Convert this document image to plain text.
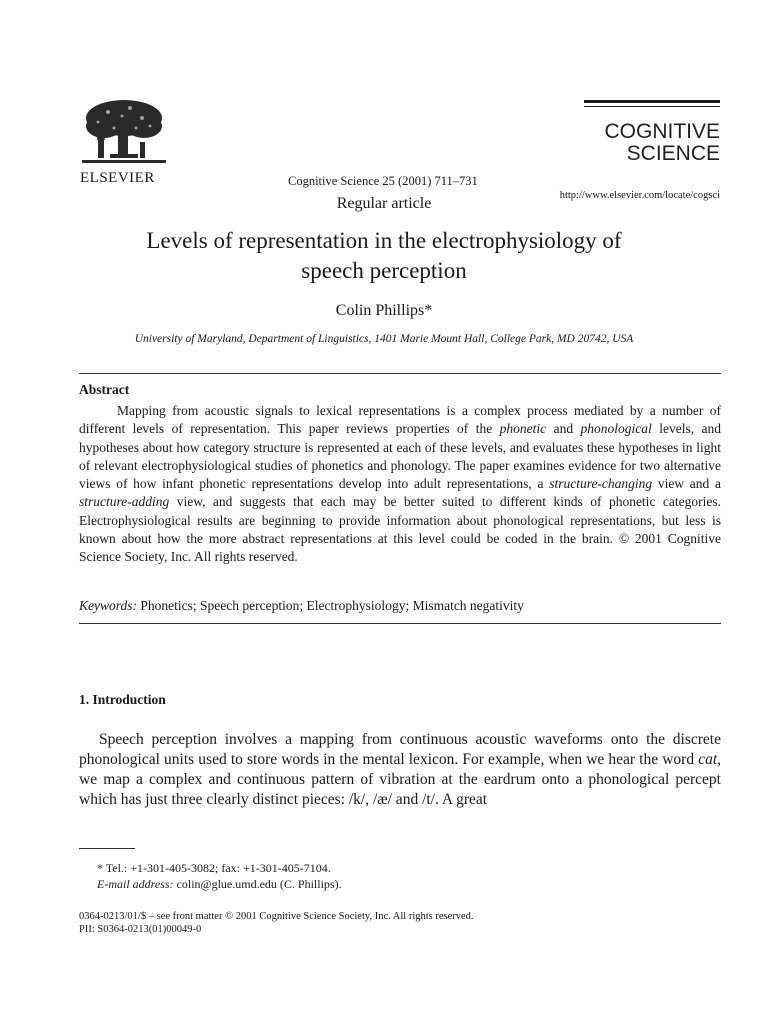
ELSEVIER	Cognitive Science 25 (2001) 711–731
Regular article
COGNITIVE
SCIENCE
http://www.elsevier.com/locate/cogsci
Levels of representation in the electrophysiology of
speech perception
Colin Phillips*
University of Maryland, Department of Linguistics, 1401 Marie Mount Hall, College Park, MD 20742, USA
Abstract
Mapping from acoustic signals to lexical representations is a complex process mediated by a number of different levels of representation. This paper reviews properties of the phonetic and phonological levels, and hypotheses about how category structure is represented at each of these levels, and evaluates these hypotheses in light of relevant electrophysiological studies of phonetics and phonology. The paper examines evidence for two alternative views of how infant phonetic representations develop into adult representations, a structure-changing view and a structure-adding view, and suggests that each may be better suited to different kinds of phonetic categories. Electrophysiological results are beginning to provide information about phonological representations, but less is known about how the more abstract representations at this level could be coded in the brain. © 2001 Cognitive Science Society, Inc. All rights reserved.
Keywords: Phonetics; Speech perception; Electrophysiology; Mismatch negativity
1. Introduction
Speech perception involves a mapping from continuous acoustic waveforms onto the discrete phonological units used to store words in the mental lexicon. For example, when we hear the word cat, we map a complex and continuous pattern of vibration at the eardrum onto a phonological percept which has just three clearly distinct pieces: /k/, /æ/ and /t/. A great
* Tel.: +1-301-405-3082; fax: +1-301-405-7104.
E-mail address: colin@glue.umd.edu (C. Phillips).
0364-0213/01/$ – see front matter © 2001 Cognitive Science Society, Inc. All rights reserved.
PII: S0364-0213(01)00049-0
